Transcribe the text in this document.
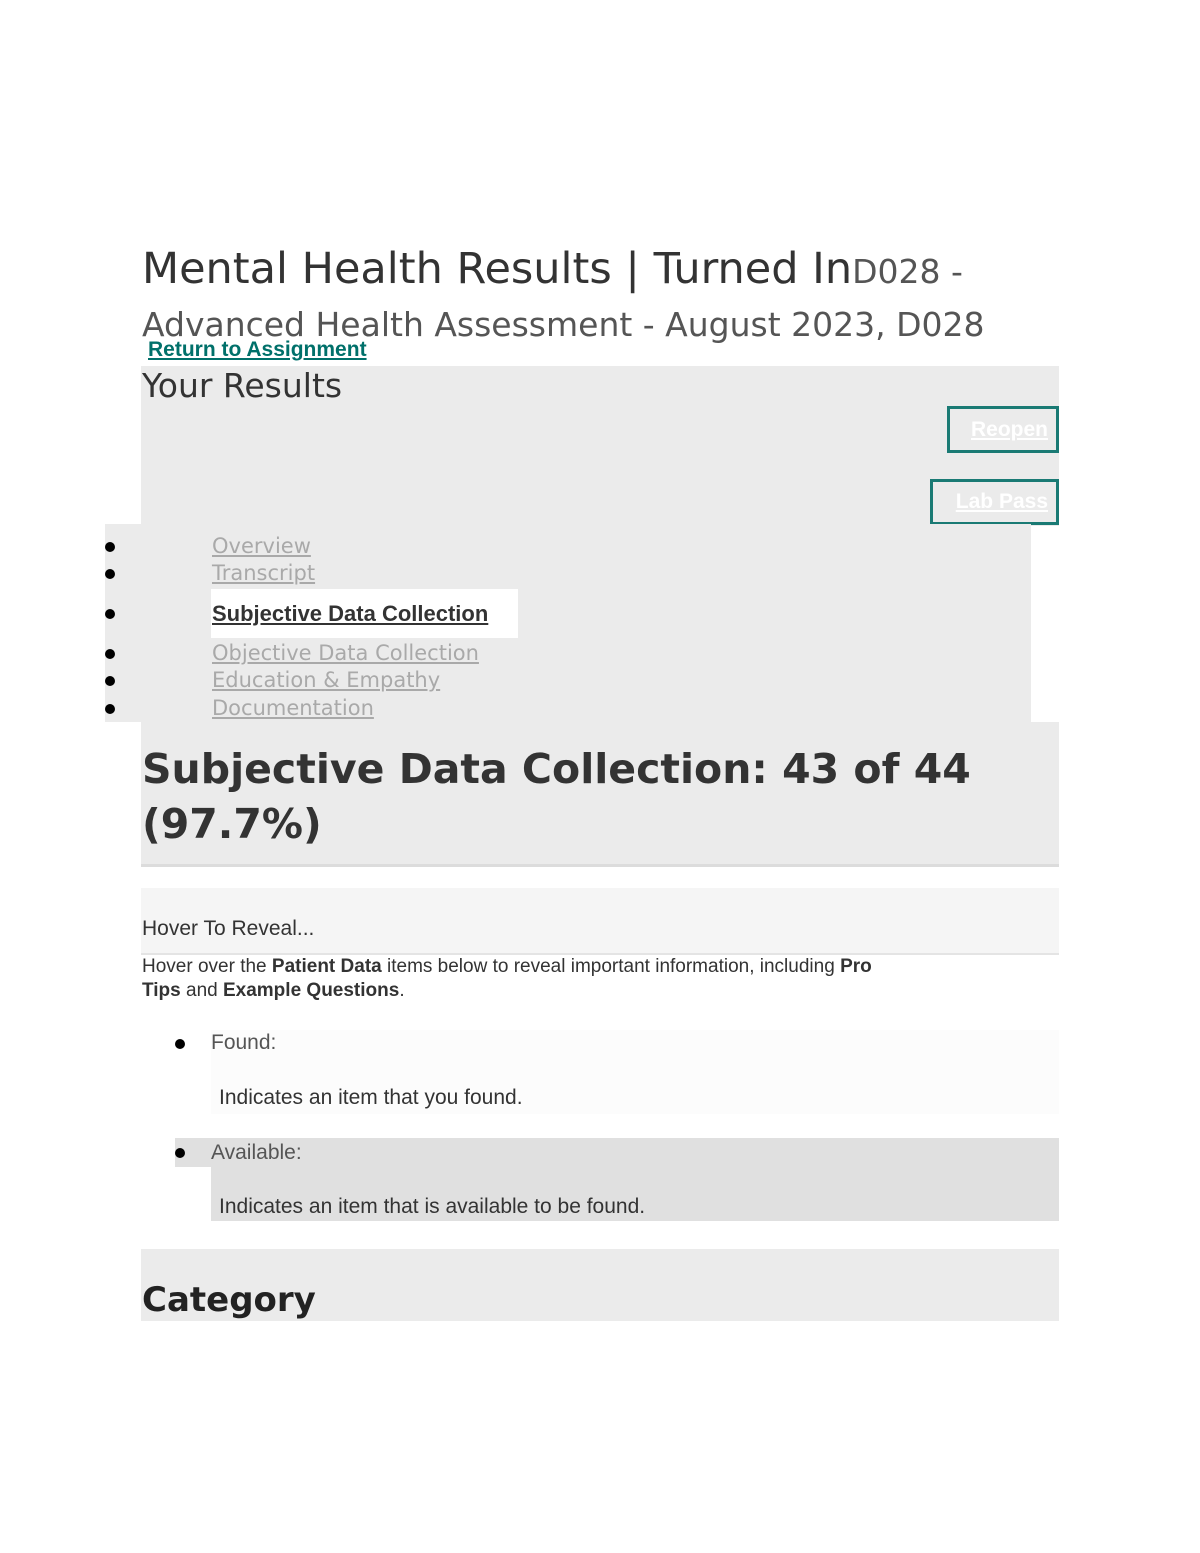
Mental Health Results | Turned InD028 -
Advanced Health Assessment - August 2023, D028
Return to Assignment
Your Results
Reopen
Lab Pass
Overview
Transcript
Subjective Data Collection
Objective Data Collection
Education & Empathy
Documentation
Subjective Data Collection: 43 of 44
(97.7%)
Hover To Reveal...
Hover over the Patient Data items below to reveal important information, including Pro
Tips and Example Questions.
Found:
Indicates an item that you found.
Available:
Indicates an item that is available to be found.
Category
